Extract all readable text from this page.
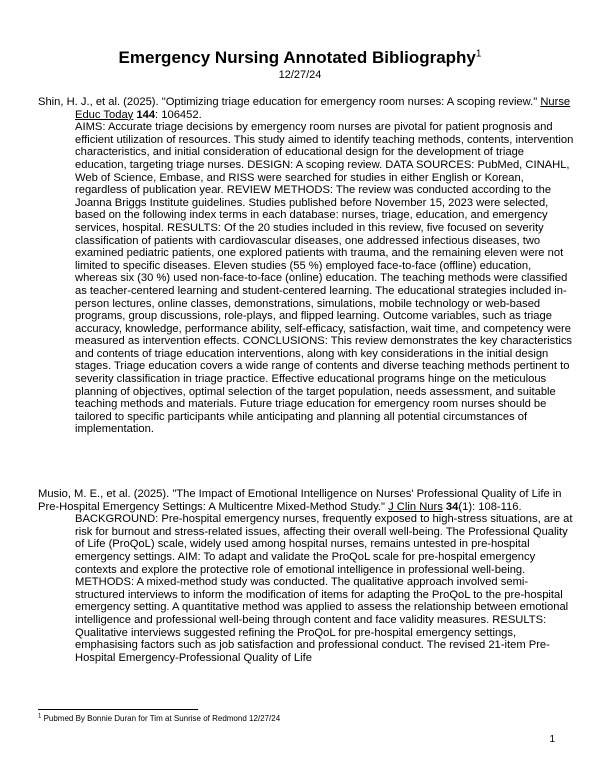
Emergency Nursing Annotated Bibliography$^1$
12/27/24
Shin, H. J., et al. (2025). "Optimizing triage education for emergency room nurses: A scoping review." Nurse Educ Today 144: 106452.
AIMS: Accurate triage decisions by emergency room nurses are pivotal for patient prognosis and efficient utilization of resources. This study aimed to identify teaching methods, contents, intervention characteristics, and initial consideration of educational design for the development of triage education, targeting triage nurses. DESIGN: A scoping review. DATA SOURCES: PubMed, CINAHL, Web of Science, Embase, and RISS were searched for studies in either English or Korean, regardless of publication year. REVIEW METHODS: The review was conducted according to the Joanna Briggs Institute guidelines. Studies published before November 15, 2023 were selected, based on the following index terms in each database: nurses, triage, education, and emergency services, hospital. RESULTS: Of the 20 studies included in this review, five focused on severity classification of patients with cardiovascular diseases, one addressed infectious diseases, two examined pediatric patients, one explored patients with trauma, and the remaining eleven were not limited to specific diseases. Eleven studies (55 %) employed face-to-face (offline) education, whereas six (30 %) used non-face-to-face (online) education. The teaching methods were classified as teacher-centered learning and student-centered learning. The educational strategies included in-person lectures, online classes, demonstrations, simulations, mobile technology or web-based programs, group discussions, role-plays, and flipped learning. Outcome variables, such as triage accuracy, knowledge, performance ability, self-efficacy, satisfaction, wait time, and competency were measured as intervention effects. CONCLUSIONS: This review demonstrates the key characteristics and contents of triage education interventions, along with key considerations in the initial design stages. Triage education covers a wide range of contents and diverse teaching methods pertinent to severity classification in triage practice. Effective educational programs hinge on the meticulous planning of objectives, optimal selection of the target population, needs assessment, and suitable teaching methods and materials. Future triage education for emergency room nurses should be tailored to specific participants while anticipating and planning all potential circumstances of implementation.
Musio, M. E., et al. (2025). "The Impact of Emotional Intelligence on Nurses' Professional Quality of Life in Pre-Hospital Emergency Settings: A Multicentre Mixed-Method Study." J Clin Nurs 34(1): 108-116.
BACKGROUND: Pre-hospital emergency nurses, frequently exposed to high-stress situations, are at risk for burnout and stress-related issues, affecting their overall well-being. The Professional Quality of Life (ProQoL) scale, widely used among hospital nurses, remains untested in pre-hospital emergency settings. AIM: To adapt and validate the ProQoL scale for pre-hospital emergency contexts and explore the protective role of emotional intelligence in professional well-being. METHODS: A mixed-method study was conducted. The qualitative approach involved semi-structured interviews to inform the modification of items for adapting the ProQoL to the pre-hospital emergency setting. A quantitative method was applied to assess the relationship between emotional intelligence and professional well-being through content and face validity measures. RESULTS: Qualitative interviews suggested refining the ProQoL for pre-hospital emergency settings, emphasising factors such as job satisfaction and professional conduct. The revised 21-item Pre-Hospital Emergency-Professional Quality of Life
$^1$ Pubmed By Bonnie Duran for Tim at Sunrise of Redmond 12/27/24
1
